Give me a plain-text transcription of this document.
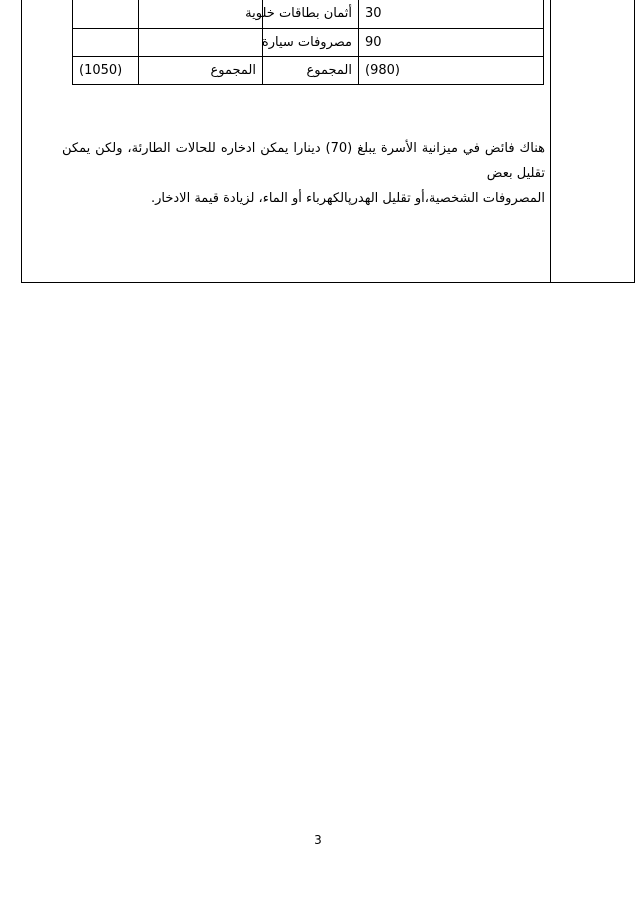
		أثمان بطاقات خلوية	30
		مصروفات سيارة	90
(1050)	المجموع	المجموع	(980)
هناك فائض في ميزانية الأسرة يبلغ (70) دينارا يمكن ادخاره للحالات الطارئة، ولكن يمكن تقليل بعض
المصروفات الشخصية،أو تقليل الهدرپالكهرباء أو الماء، لزيادة قيمة الادخار.
3
